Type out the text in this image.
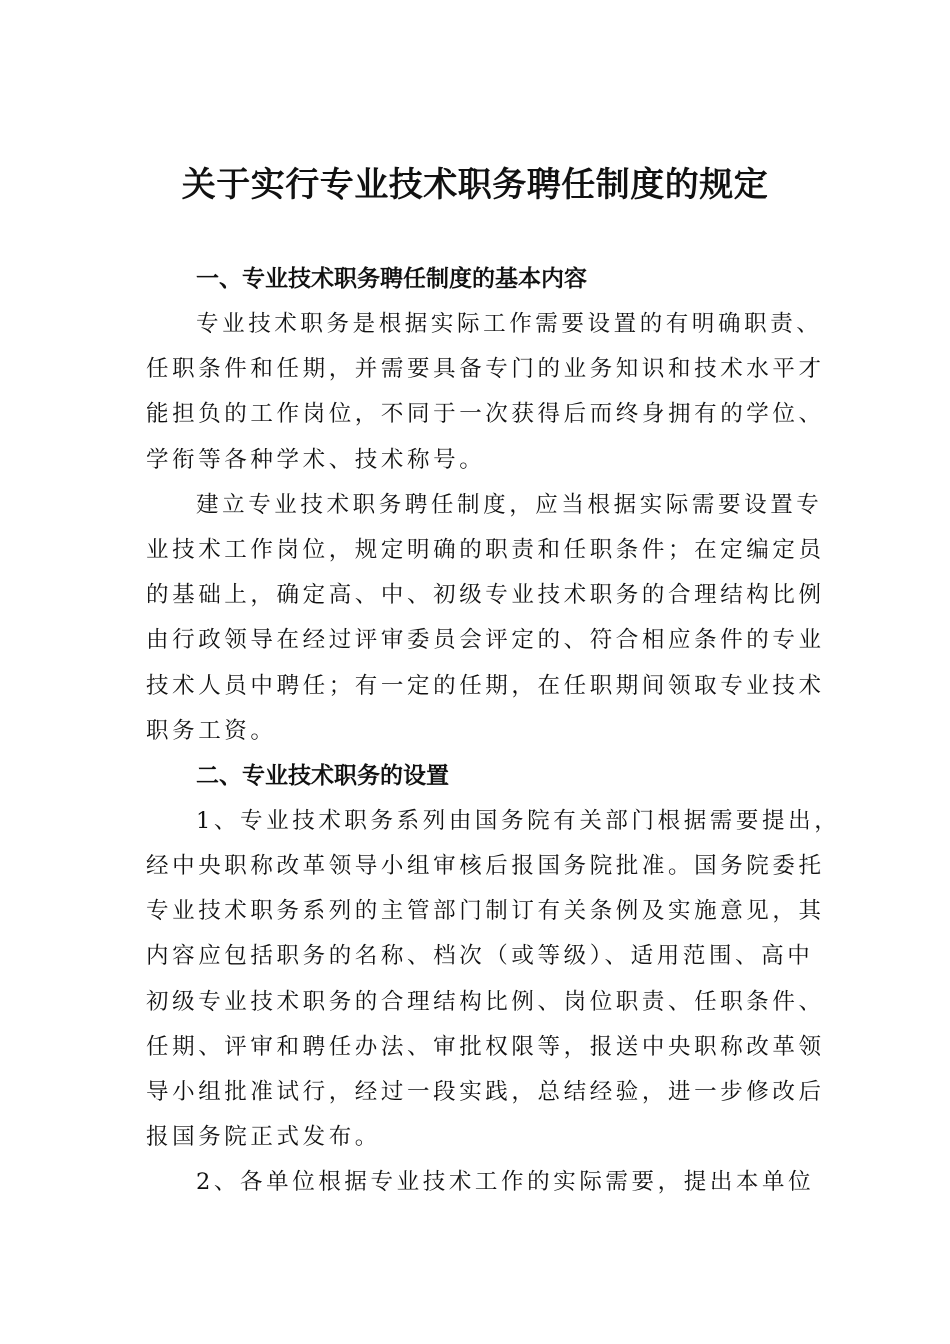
关于实行专业技术职务聘任制度的规定
一、专业技术职务聘任制度的基本内容
专业技术职务是根据实际工作需要设置的有明确职责、
任职条件和任期，并需要具备专门的业务知识和技术水平才
能担负的工作岗位，不同于一次获得后而终身拥有的学位、
学衔等各种学术、技术称号。
建立专业技术职务聘任制度，应当根据实际需要设置专
业技术工作岗位，规定明确的职责和任职条件；在定编定员
的基础上，确定高、中、初级专业技术职务的合理结构比例
由行政领导在经过评审委员会评定的、符合相应条件的专业
技术人员中聘任；有一定的任期，在任职期间领取专业技术
职务工资。
二、专业技术职务的设置
1、专业技术职务系列由国务院有关部门根据需要提出，
经中央职称改革领导小组审核后报国务院批准。国务院委托
专业技术职务系列的主管部门制订有关条例及实施意见，其
内容应包括职务的名称、档次（或等级）、适用范围、高中
初级专业技术职务的合理结构比例、岗位职责、任职条件、
任期、评审和聘任办法、审批权限等，报送中央职称改革领
导小组批准试行，经过一段实践，总结经验，进一步修改后
报国务院正式发布。
2、各单位根据专业技术工作的实际需要，提出本单位
